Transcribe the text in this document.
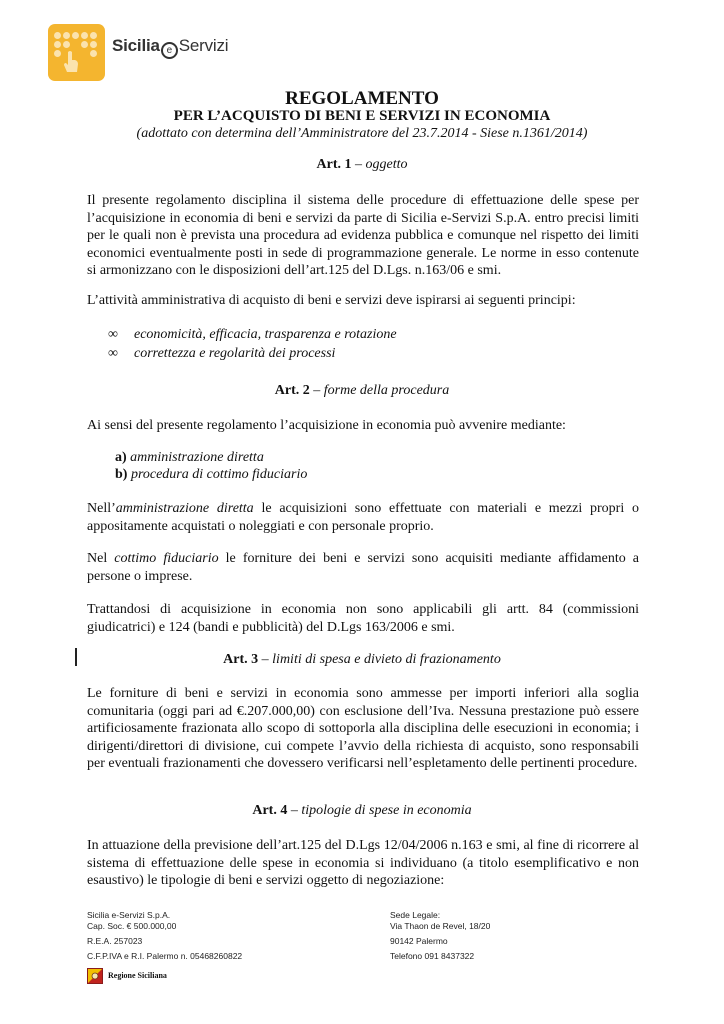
Sicilia e Servizi
REGOLAMENTO
PER L’ACQUISTO DI BENI E SERVIZI IN ECONOMIA
(adottato con determina dell’Amministratore del 23.7.2014 - Siese n.1361/2014)
Art. 1 – oggetto
Il presente regolamento disciplina il sistema delle procedure di effettuazione delle spese per l’acquisizione in economia di beni e servizi da parte di Sicilia e-Servizi S.p.A. entro precisi limiti per le quali non è prevista una procedura ad evidenza pubblica e comunque nel rispetto dei limiti economici eventualmente posti in sede di programmazione generale. Le norme in esso contenute si armonizzano con le disposizioni dell’art.125 del D.Lgs. n.163/06 e smi.
L’attività amministrativa di acquisto di beni e servizi deve ispirarsi ai seguenti principi:
∞ economicità, efficacia, trasparenza e rotazione
∞ correttezza e regolarità dei processi
Art. 2 – forme della procedura
Ai sensi del presente regolamento l’acquisizione in economia può avvenire mediante:
a) amministrazione diretta
b) procedura di cottimo fiduciario
Nell’amministrazione diretta le acquisizioni sono effettuate con materiali e mezzi propri o appositamente acquistati o noleggiati e con personale proprio.
Nel cottimo fiduciario le forniture dei beni e servizi sono acquisiti mediante affidamento a persone o imprese.
Trattandosi di acquisizione in economia non sono applicabili gli artt. 84 (commissioni giudicatrici) e 124 (bandi e pubblicità) del D.Lgs 163/2006 e smi.
Art. 3 – limiti di spesa e divieto di frazionamento
Le forniture di beni e servizi in economia sono ammesse per importi inferiori alla soglia comunitaria (oggi pari ad €.207.000,00) con esclusione dell’Iva. Nessuna prestazione può essere artificiosamente frazionata allo scopo di sottoporla alla disciplina delle esecuzioni in economia; i dirigenti/direttori di divisione, cui compete l’avvio della richiesta di acquisto, sono responsabili per eventuali frazionamenti che dovessero verificarsi nell’espletamento delle pertinenti procedure.
Art. 4 – tipologie di spese in economia
In attuazione della previsione dell’art.125 del D.Lgs 12/04/2006 n.163 e smi, al fine di ricorrere al sistema di effettuazione delle spese in economia si individuano (a titolo esemplificativo e non esaustivo) le tipologie di beni e servizi oggetto di negoziazione:
Sicilia e-Servizi S.p.A.
Cap. Soc. € 500.000,00
R.E.A. 257023
C.F.P.IVA e R.I. Palermo n. 05468260822
Sede Legale:
Via Thaon de Revel, 18/20
90142 Palermo
Telefono 091 8437322
Regione Siciliana
